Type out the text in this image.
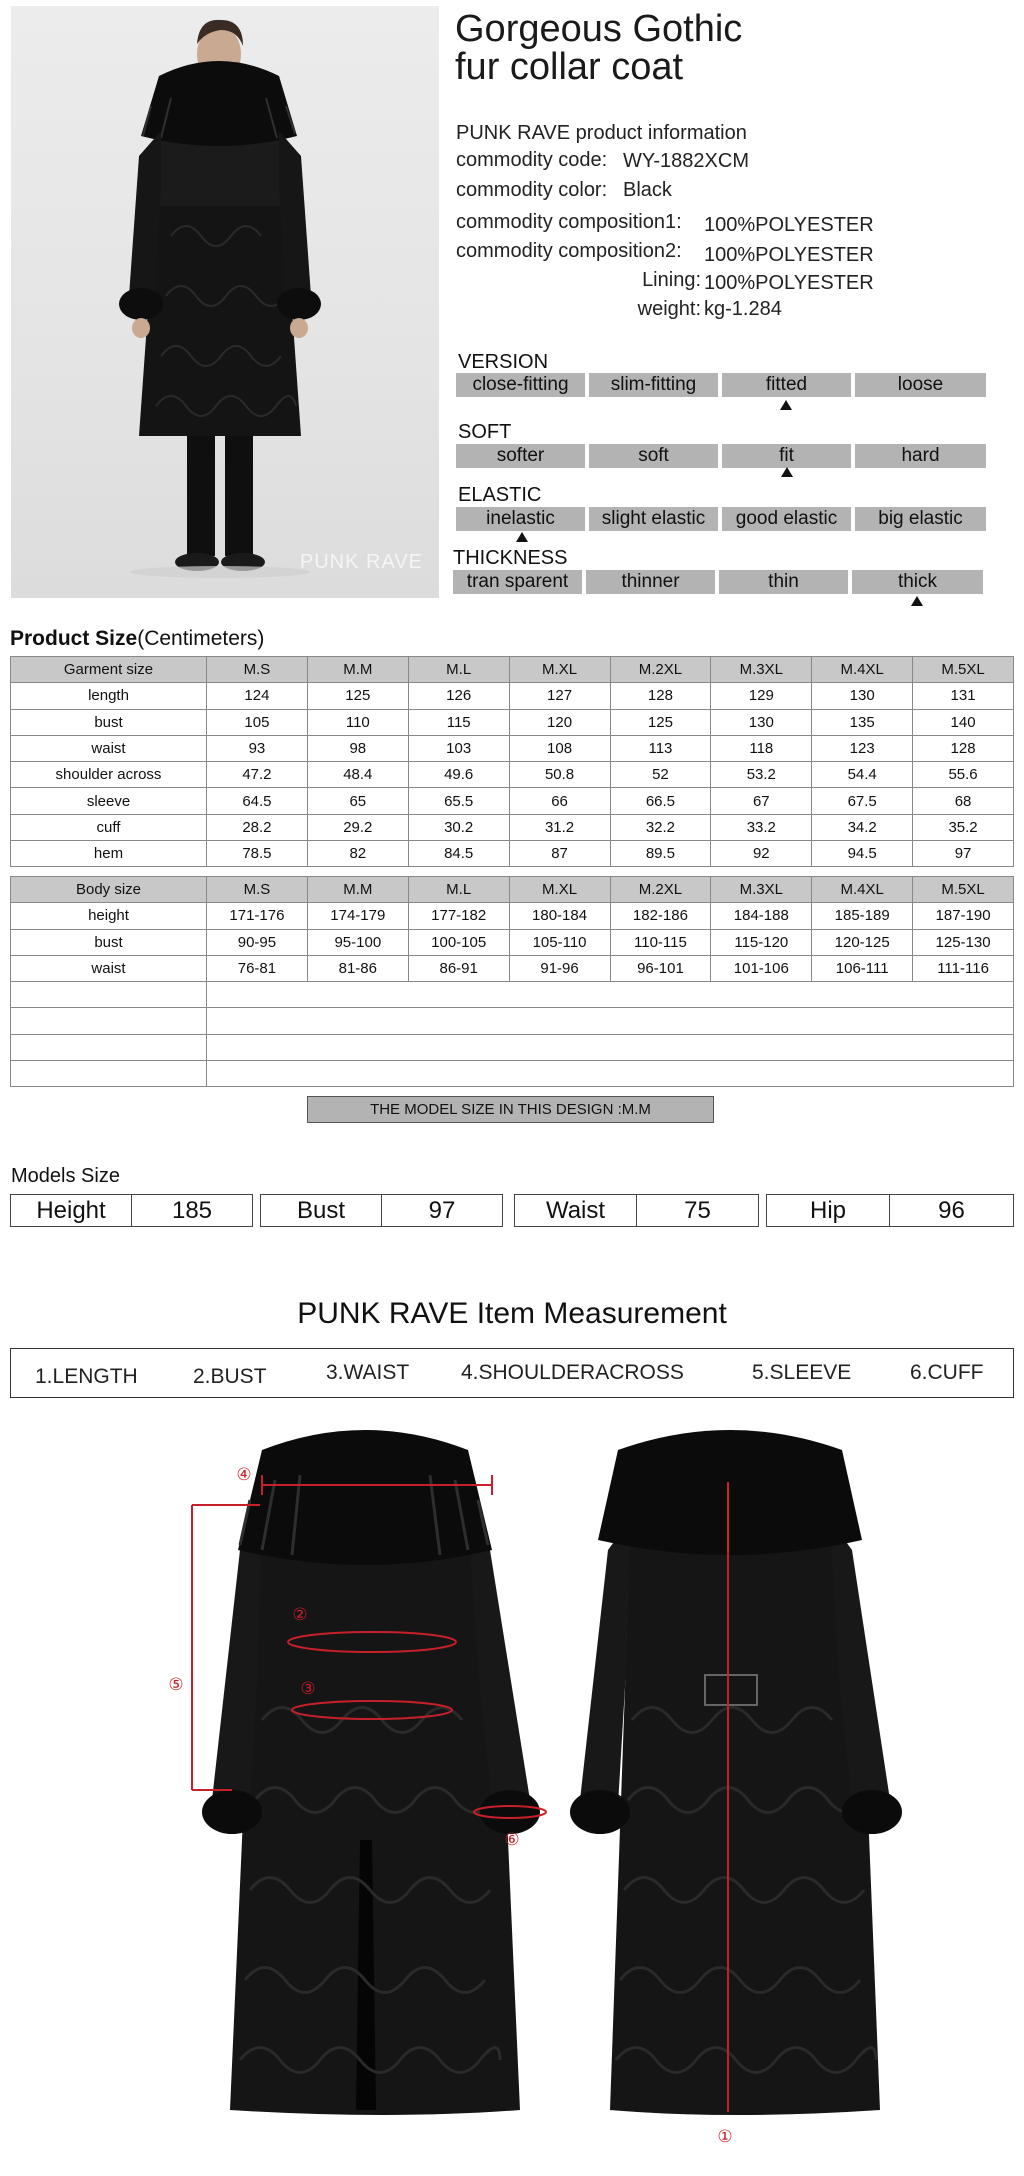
PUNK RAVE
Gorgeous Gothic
fur collar coat
PUNK RAVE product information
commodity code: WY-1882XCM
commodity color: Black
commodity composition1: 100%POLYESTER
commodity composition2: 100%POLYESTER
Lining: 100%POLYESTER
weight: kg-1.284
VERSION
close-fitting	slim-fitting	fitted	loose
SOFT
softer	soft	fit	hard
ELASTIC
inelastic	slight elastic	good elastic	big elastic
THICKNESS
tran sparent	thinner	thin	thick
Product Size(Centimeters)
Garment size	M.S	M.M	M.L	M.XL	M.2XL	M.3XL	M.4XL	M.5XL
length	124	125	126	127	128	129	130	131
bust	105	110	115	120	125	130	135	140
waist	93	98	103	108	113	118	123	128
shoulder across	47.2	48.4	49.6	50.8	52	53.2	54.4	55.6
sleeve	64.5	65	65.5	66	66.5	67	67.5	68
cuff	28.2	29.2	30.2	31.2	32.2	33.2	34.2	35.2
hem	78.5	82	84.5	87	89.5	92	94.5	97
Body size	M.S	M.M	M.L	M.XL	M.2XL	M.3XL	M.4XL	M.5XL
height	171-176	174-179	177-182	180-184	182-186	184-188	185-189	187-190
bust	90-95	95-100	100-105	105-110	110-115	115-120	120-125	125-130
waist	76-81	81-86	86-91	91-96	96-101	101-106	106-111	111-116

THE MODEL SIZE IN THIS DESIGN :M.M
Models Size
Height	185	Bust	97	Waist	75	Hip	96
PUNK RAVE Item Measurement
1.LENGTH	2.BUST	3.WAIST 4.SHOULDERACROSS	5.SLEEVE	6.CUFF
①
②
③
④
⑤
⑥
